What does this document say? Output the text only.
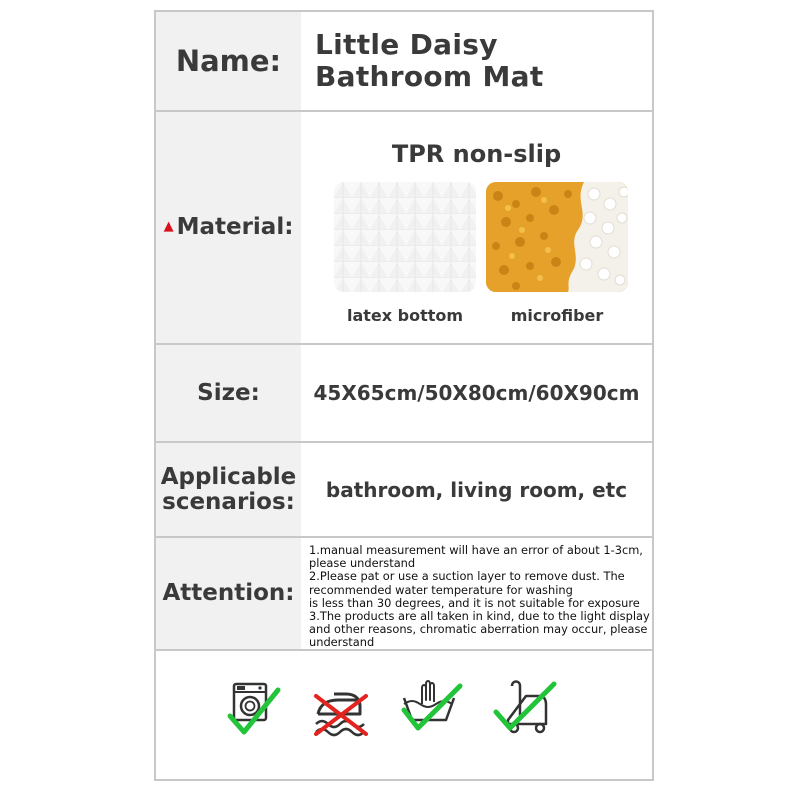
Name:	Little Daisy Bathroom Mat
▲ Material:
TPR non-slip
latex bottom	microfiber
Size:	45X65cm/50X80cm/60X90cm
Applicable
scenarios:	bathroom, living room, etc
Attention:
1.manual measurement will have an error of about 1-3cm,
please understand
2.Please pat or use a suction layer to remove dust. The
recommended water temperature for washing
is less than 30 degrees, and it is not suitable for exposure
3.The products are all taken in kind, due to the light display
and other reasons, chromatic aberration may occur, please
understand
